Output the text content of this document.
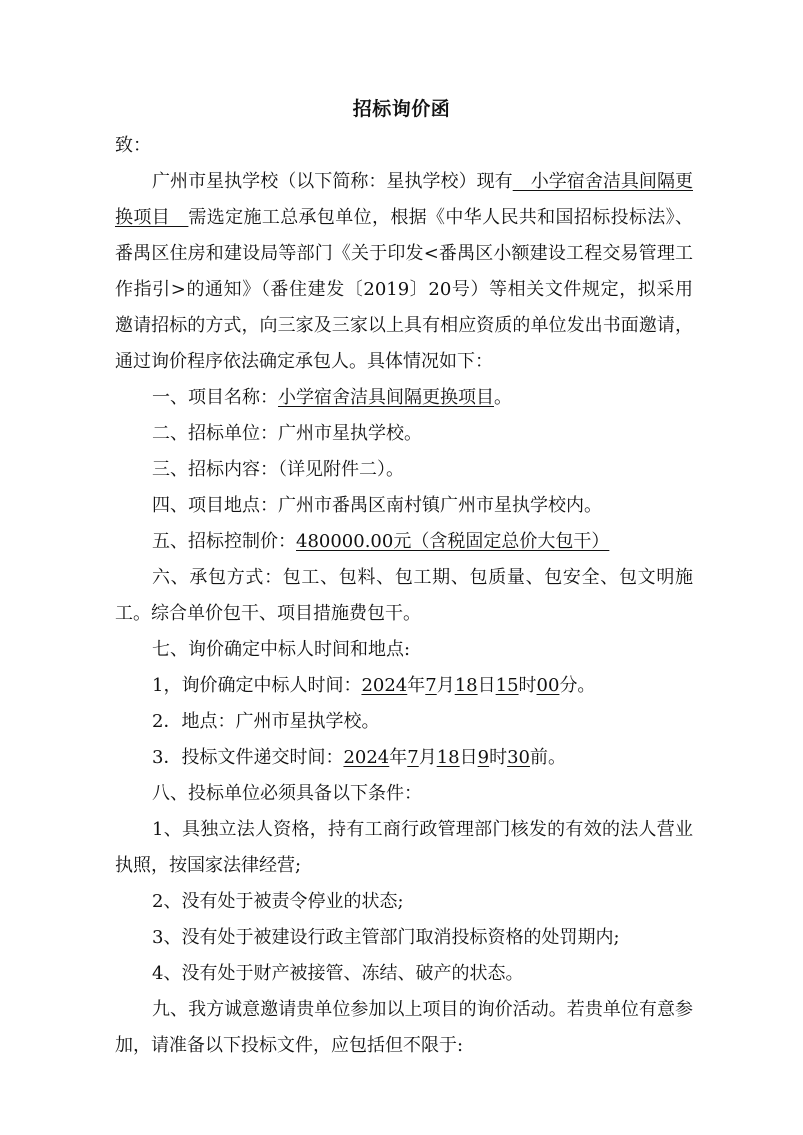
招标询价函

致：

广州市星执学校（以下简称：星执学校）现有　小学宿舍洁具间隔更换项目　需选定施工总承包单位，根据《中华人民共和国招标投标法》、番禺区住房和建设局等部门《关于印发<番禺区小额建设工程交易管理工作指引>的通知》（番住建发〔2019〕20号）等相关文件规定，拟采用邀请招标的方式，向三家及三家以上具有相应资质的单位发出书面邀请，通过询价程序依法确定承包人。具体情况如下：

一、项目名称：小学宿舍洁具间隔更换项目。

二、招标单位：广州市星执学校。

三、招标内容：（详见附件二）。

四、项目地点：广州市番禺区南村镇广州市星执学校内。

五、招标控制价：480000.00元（含税固定总价大包干）

六、承包方式：包工、包料、包工期、包质量、包安全、包文明施工。综合单价包干、项目措施费包干。

七、询价确定中标人时间和地点:

1，询价确定中标人时间：2024年7月18日15时00分。

2．地点：广州市星执学校。

3．投标文件递交时间：2024年7月18日9时30前。

八、投标单位必须具备以下条件：

1、具独立法人资格，持有工商行政管理部门核发的有效的法人营业执照，按国家法律经营;

2、没有处于被责令停业的状态;

3、没有处于被建设行政主管部门取消投标资格的处罚期内;

4、没有处于财产被接管、冻结、破产的状态。

九、我方诚意邀请贵单位参加以上项目的询价活动。若贵单位有意参加，请准备以下投标文件，应包括但不限于:
